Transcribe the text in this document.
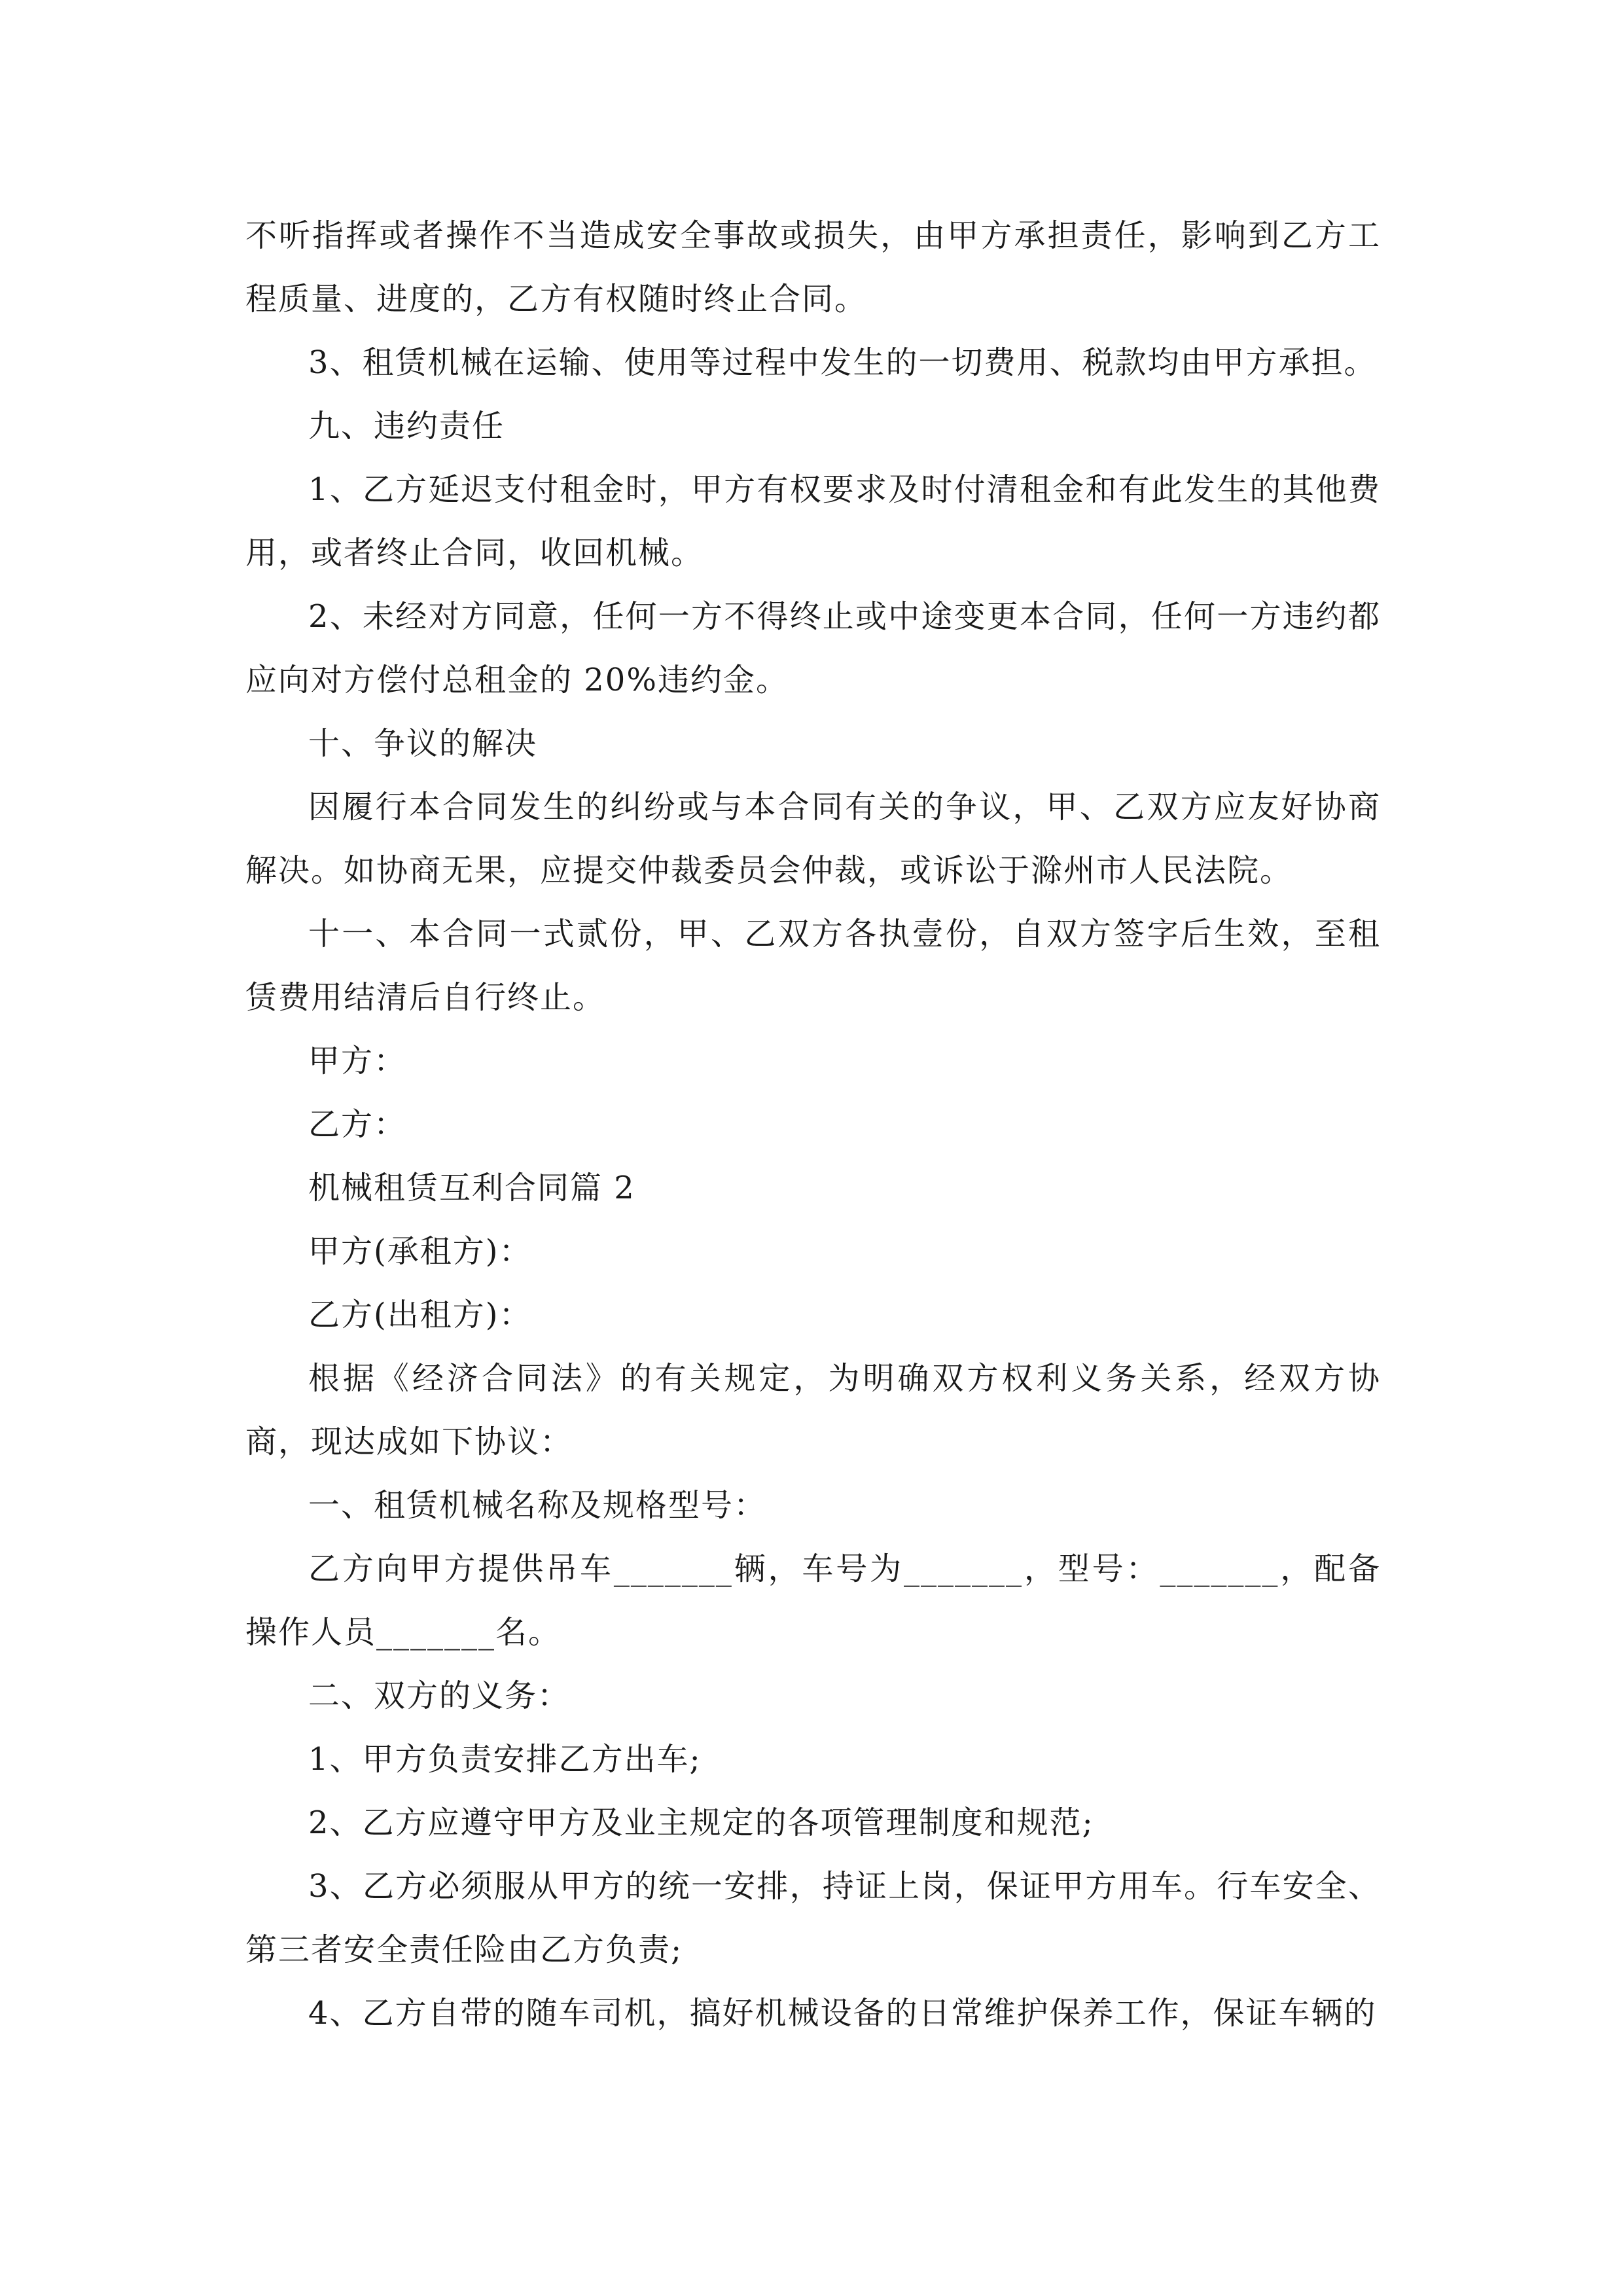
不听指挥或者操作不当造成安全事故或损失，由甲方承担责任，影响到乙方工程质量、进度的，乙方有权随时终止合同。

3、租赁机械在运输、使用等过程中发生的一切费用、税款均由甲方承担。

九、违约责任

1、乙方延迟支付租金时，甲方有权要求及时付清租金和有此发生的其他费用，或者终止合同，收回机械。

2、未经对方同意，任何一方不得终止或中途变更本合同，任何一方违约都应向对方偿付总租金的 20%违约金。

十、争议的解决

因履行本合同发生的纠纷或与本合同有关的争议，甲、乙双方应友好协商解决。如协商无果，应提交仲裁委员会仲裁，或诉讼于滁州市人民法院。

十一、本合同一式贰份，甲、乙双方各执壹份，自双方签字后生效，至租赁费用结清后自行终止。

甲方：

乙方：

机械租赁互利合同篇 2

甲方(承租方)：

乙方(出租方)：

根据《经济合同法》的有关规定，为明确双方权利义务关系，经双方协商，现达成如下协议：

一、租赁机械名称及规格型号：

乙方向甲方提供吊车_______辆，车号为_______，型号：_______，配备操作人员_______名。

二、双方的义务：

1、甲方负责安排乙方出车;

2、乙方应遵守甲方及业主规定的各项管理制度和规范;

3、乙方必须服从甲方的统一安排，持证上岗，保证甲方用车。行车安全、第三者安全责任险由乙方负责;

4、乙方自带的随车司机，搞好机械设备的日常维护保养工作，保证车辆的
